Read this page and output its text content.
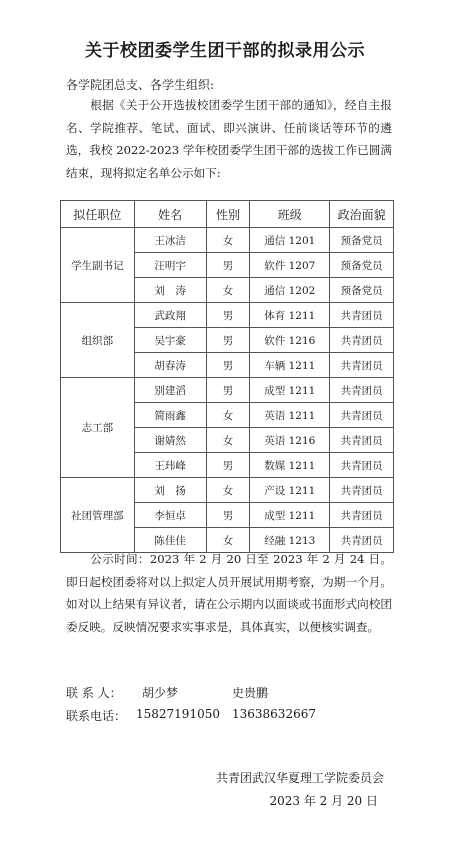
关于校团委学生团干部的拟录用公示
各学院团总支、各学生组织:
根据《关于公开选拔校团委学生团干部的通知》，经自主报名、学院推荐、笔试、面试、即兴演讲、任前谈话等环节的遴选，我校 2022-2023 学年校团委学生团干部的选拔工作已圆满结束，现将拟定名单公示如下:
拟任职位	姓名	性别	班级	政治面貌
学生副书记	王冰洁	女	通信 1201	预备党员
	汪明宇	男	软件 1207	预备党员
	刘　涛	女	通信 1202	预备党员
组织部	武政翔	男	体育 1211	共青团员
	吴宇豪	男	软件 1216	共青团员
	胡春涛	男	车辆 1211	共青团员
志工部	别建滔	男	成型 1211	共青团员
	简雨鑫	女	英语 1211	共青团员
	谢婧然	女	英语 1216	共青团员
	王玮峰	男	数媒 1211	共青团员
社团管理部	刘　扬	女	产设 1211	共青团员
	李恒卓	男	成型 1211	共青团员
	陈佳佳	女	经融 1213	共青团员
公示时间：2023 年 2 月 20 日至 2023 年 2 月 24 日。即日起校团委将对以上拟定人员开展试用期考察，为期一个月。如对以上结果有异议者，请在公示期内以面谈或书面形式向校团委反映。反映情况要求实事求是，具体真实，以便核实调查。
联 系 人： 胡少梦	史贵鹏
联系电话： 15827191050 13638632667
共青团武汉华夏理工学院委员会
2023 年 2 月 20 日
